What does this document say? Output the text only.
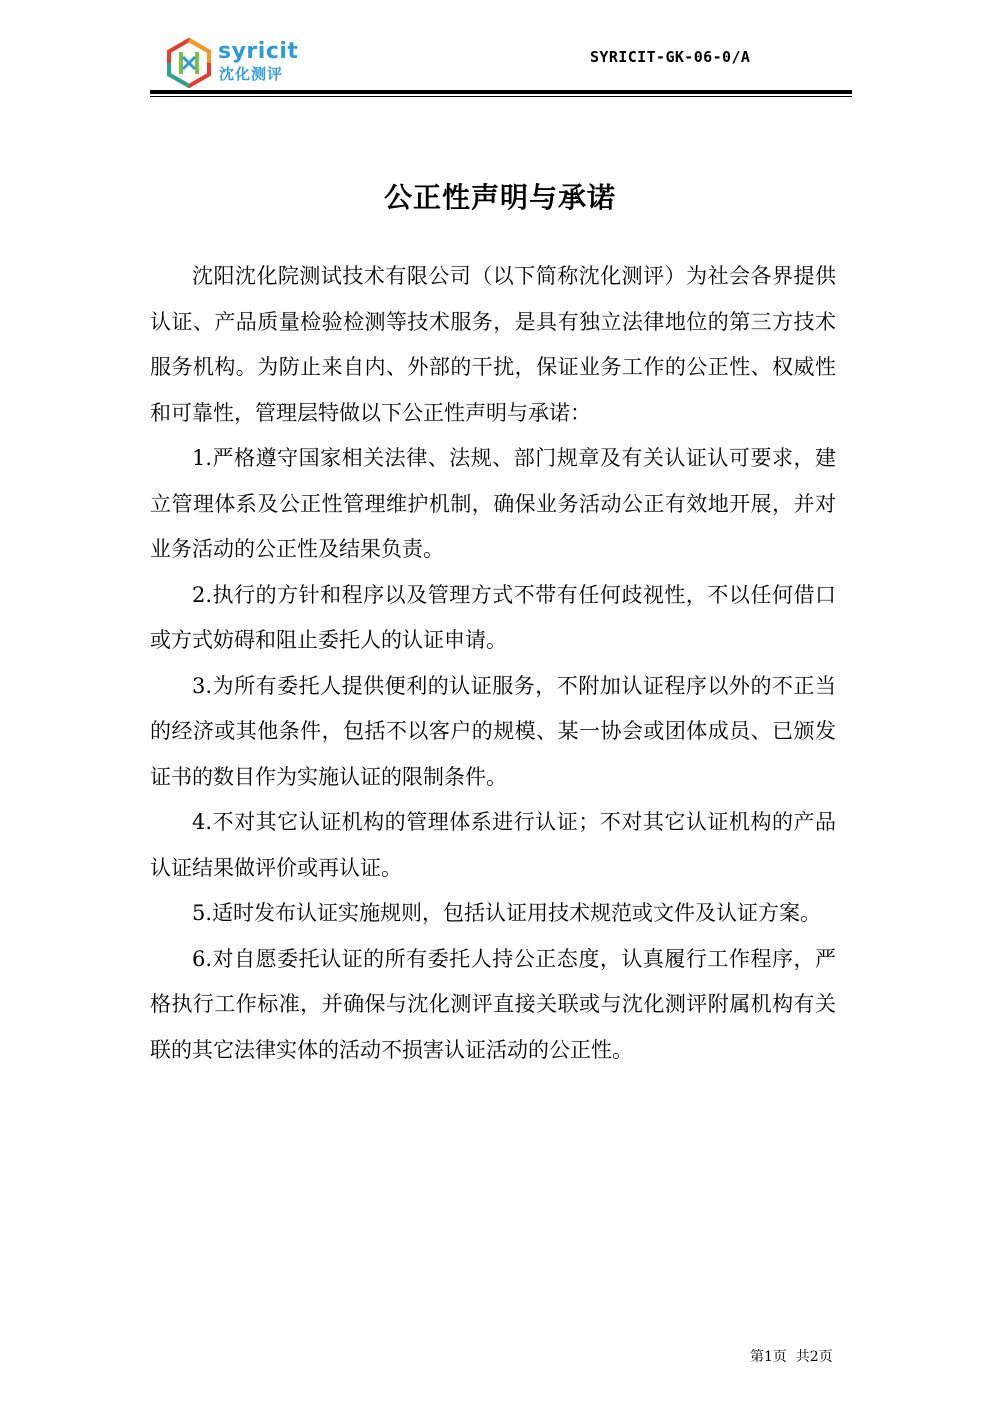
syricit
沈化测评
SYRICIT-GK-06-0/A
公正性声明与承诺

沈阳沈化院测试技术有限公司（以下简称沈化测评）为社会各界提供认证、产品质量检验检测等技术服务，是具有独立法律地位的第三方技术服务机构。为防止来自内、外部的干扰，保证业务工作的公正性、权威性和可靠性，管理层特做以下公正性声明与承诺：

1.严格遵守国家相关法律、法规、部门规章及有关认证认可要求，建立管理体系及公正性管理维护机制，确保业务活动公正有效地开展，并对业务活动的公正性及结果负责。

2.执行的方针和程序以及管理方式不带有任何歧视性，不以任何借口或方式妨碍和阻止委托人的认证申请。

3.为所有委托人提供便利的认证服务，不附加认证程序以外的不正当的经济或其他条件，包括不以客户的规模、某一协会或团体成员、已颁发证书的数目作为实施认证的限制条件。

4.不对其它认证机构的管理体系进行认证；不对其它认证机构的产品认证结果做评价或再认证。

5.适时发布认证实施规则，包括认证用技术规范或文件及认证方案。

6.对自愿委托认证的所有委托人持公正态度，认真履行工作程序，严格执行工作标准，并确保与沈化测评直接关联或与沈化测评附属机构有关联的其它法律实体的活动不损害认证活动的公正性。

第1页  共2页
